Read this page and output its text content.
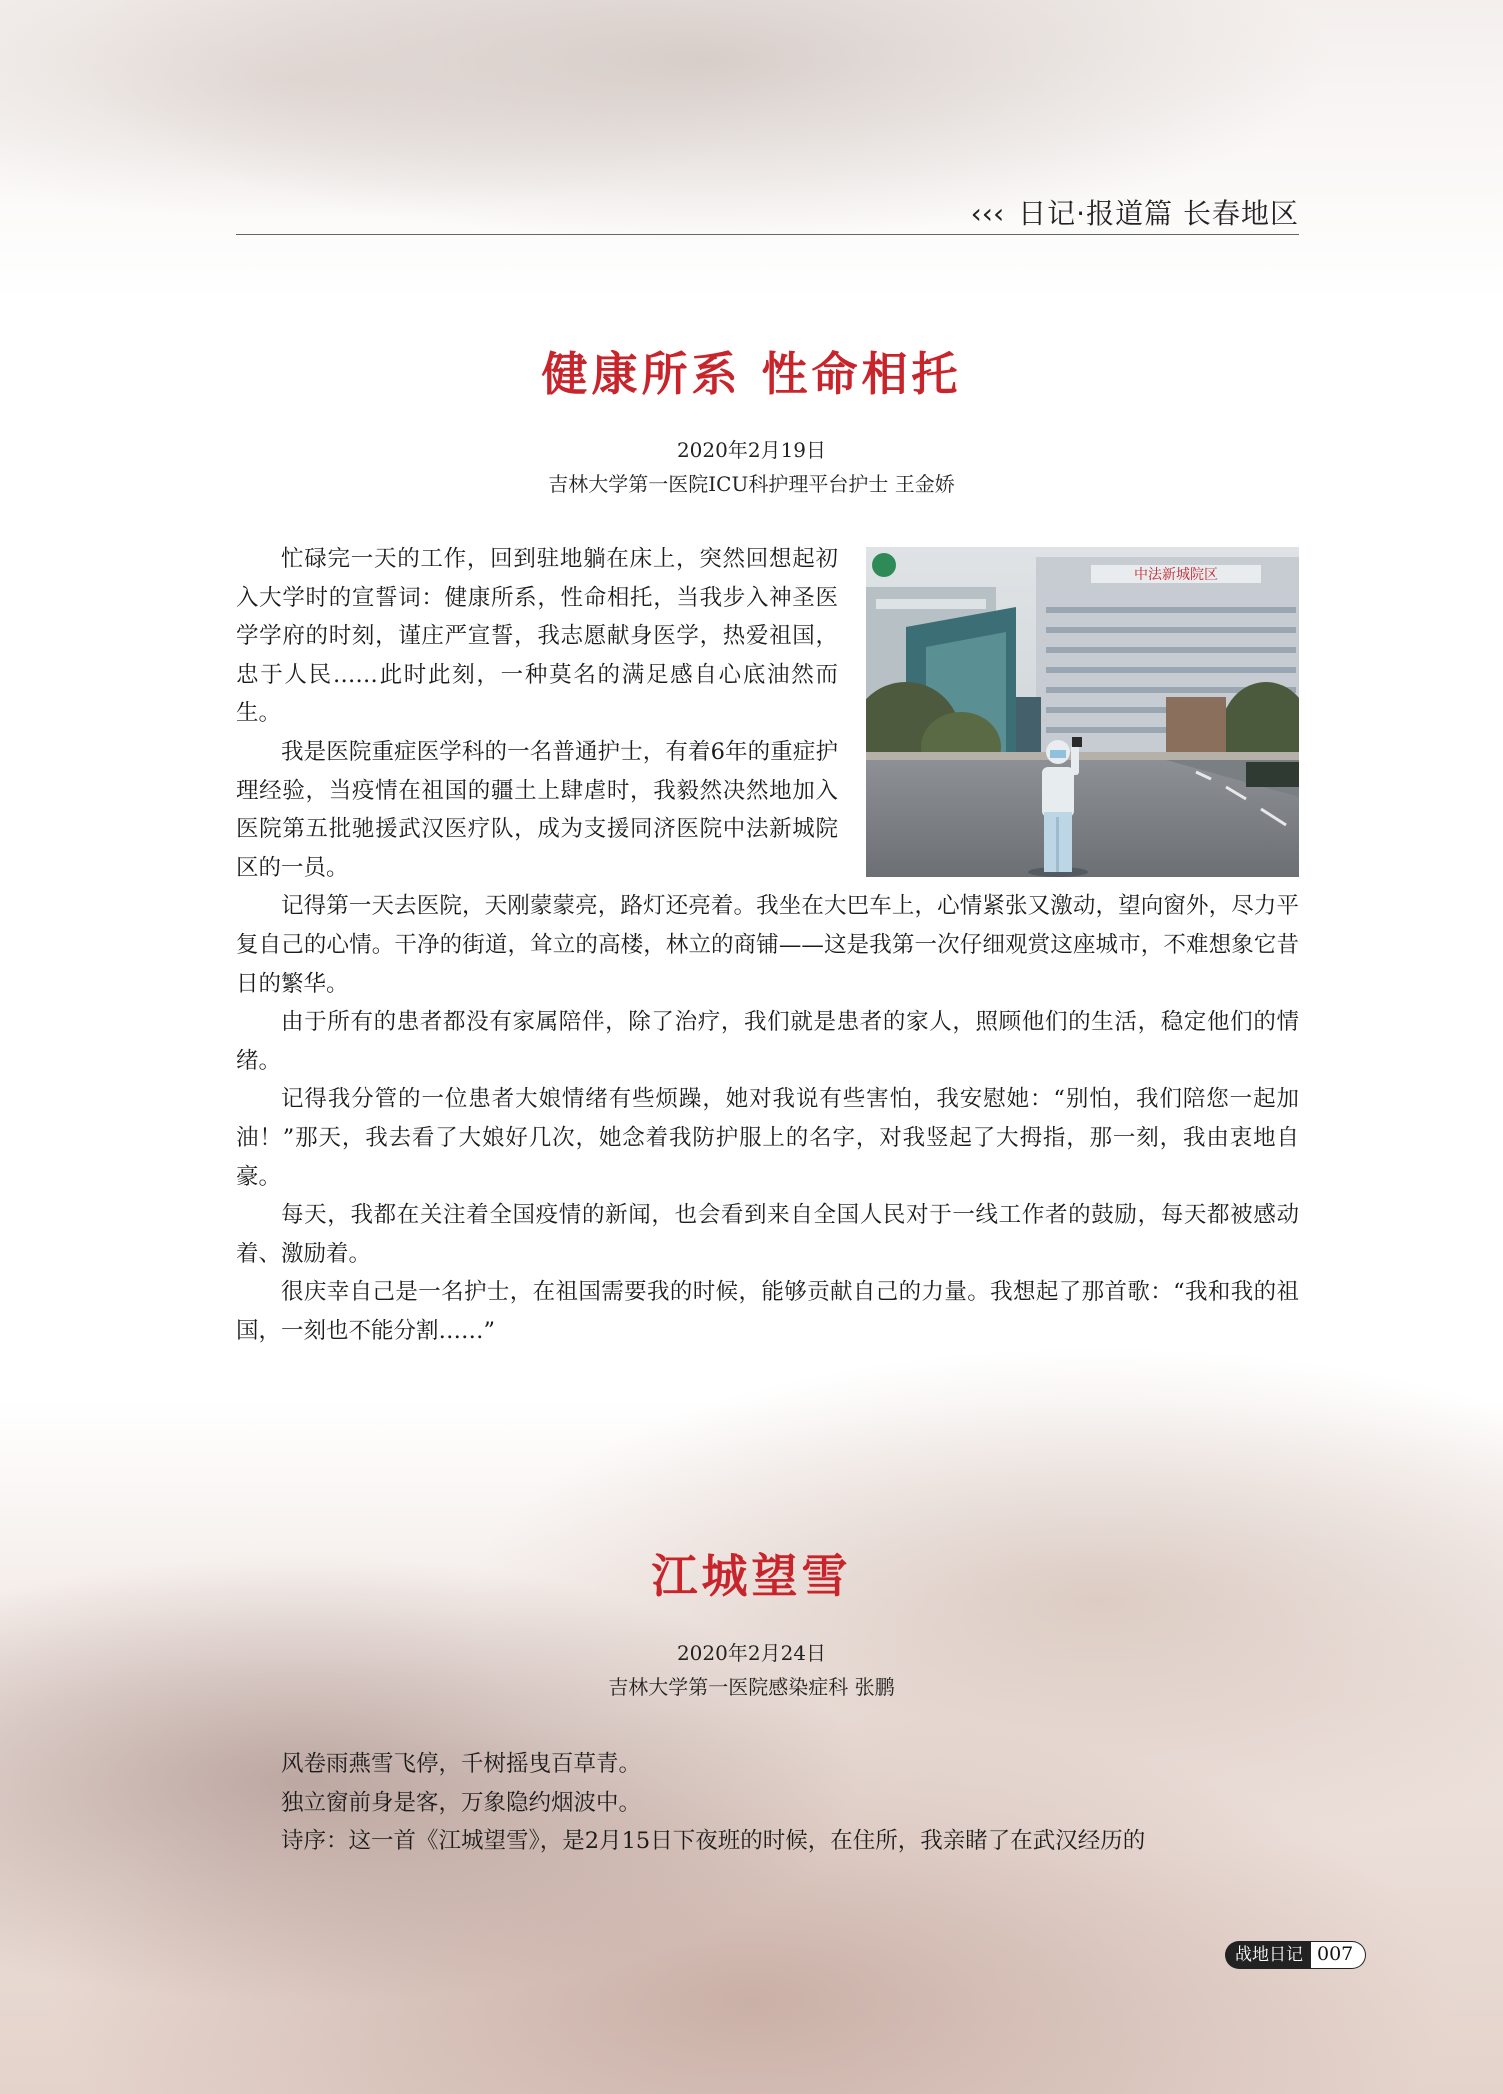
‹‹‹ 日记·报道篇 长春地区
健康所系 性命相托
2020年2月19日
吉林大学第一医院ICU科护理平台护士 王金娇
中法新城院区

忙碌完一天的工作，回到驻地躺在床上，突然回想起初入大学时的宣誓词：健康所系，性命相托，当我步入神圣医学学府的时刻，谨庄严宣誓，我志愿献身医学，热爱祖国，忠于人民……此时此刻，一种莫名的满足感自心底油然而生。

我是医院重症医学科的一名普通护士，有着6年的重症护理经验，当疫情在祖国的疆土上肆虐时，我毅然决然地加入医院第五批驰援武汉医疗队，成为支援同济医院中法新城院区的一员。

记得第一天去医院，天刚蒙蒙亮，路灯还亮着。我坐在大巴车上，心情紧张又激动，望向窗外，尽力平复自己的心情。干净的街道，耸立的高楼，林立的商铺——这是我第一次仔细观赏这座城市，不难想象它昔日的繁华。

由于所有的患者都没有家属陪伴，除了治疗，我们就是患者的家人，照顾他们的生活，稳定他们的情绪。

记得我分管的一位患者大娘情绪有些烦躁，她对我说有些害怕，我安慰她：“别怕，我们陪您一起加油！”那天，我去看了大娘好几次，她念着我防护服上的名字，对我竖起了大拇指，那一刻，我由衷地自豪。

每天，我都在关注着全国疫情的新闻，也会看到来自全国人民对于一线工作者的鼓励，每天都被感动着、激励着。

很庆幸自己是一名护士，在祖国需要我的时候，能够贡献自己的力量。我想起了那首歌：“我和我的祖国，一刻也不能分割……”

江城望雪
2020年2月24日
吉林大学第一医院感染症科 张鹏

风卷雨燕雪飞停，千树摇曳百草青。

独立窗前身是客，万象隐约烟波中。

诗序：这一首《江城望雪》，是2月15日下夜班的时候，在住所，我亲睹了在武汉经历的

战地日记 007
